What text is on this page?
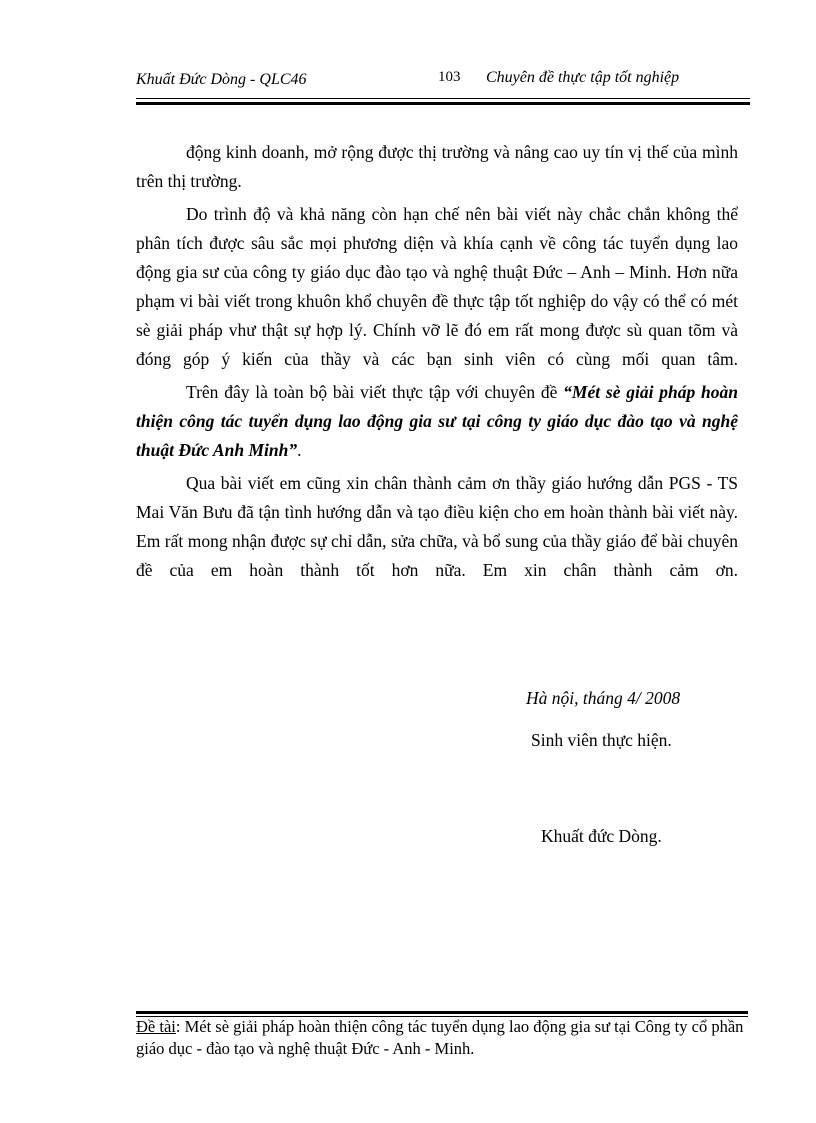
Khuất Đức Dòng - QLC46	103 Chuyên đề thực tập tốt nghiệp

động kinh doanh, mở rộng được thị trường và nâng cao uy tín vị thế của mình trên thị trường.

Do trình độ và khả năng còn hạn chế nên bài viết này chắc chắn không thể phân tích được sâu sắc mọi phương diện và khía cạnh về công tác tuyển dụng lao động gia sư của công ty giáo dục đào tạo và nghệ thuật Đức – Anh – Minh. Hơn nữa phạm vi bài viết trong khuôn khổ chuyên đề thực tập tốt nghiệp do vậy có thể có mét sè giải pháp vhư thật sự hợp lý. Chính vỡ lẽ đó em rất mong được sù quan tõm và đóng góp ý kiến của thầy và các bạn sinh viên có cùng mối quan tâm.

Trên đây là toàn bộ bài viết thực tập với chuyên đề “Mét sè giải pháp hoàn thiện công tác tuyển dụng lao động gia sư tại công ty giáo dục đào tạo và nghệ thuật Đức Anh Minh”.

Qua bài viết em cũng xin chân thành cảm ơn thầy giáo hướng dẫn PGS - TS Mai Văn Bưu đã tận tình hướng dẫn và tạo điều kiện cho em hoàn thành bài viết này. Em rất mong nhận được sự chỉ dẫn, sửa chữa, và bổ sung của thầy giáo để bài chuyên đề của em hoàn thành tốt hơn nữa. Em xin chân thành cảm ơn.

Hà nội, tháng 4/ 2008
Sinh viên thực hiện.
Khuất đức Dòng.
Đề tài: Mét sè giải pháp hoàn thiện công tác tuyển dụng lao động gia sư tại Công ty cổ phần giáo dục - đào tạo và nghệ thuật Đức - Anh - Minh.
